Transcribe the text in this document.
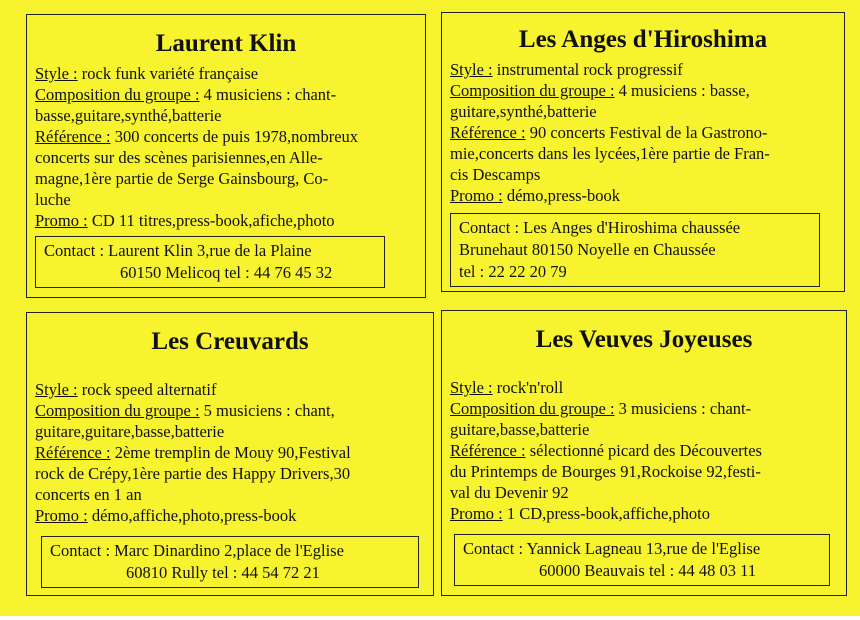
Laurent Klin

Style : rock funk variété française

Composition du groupe : 4 musiciens : chant-

basse,guitare,synthé,batterie

Référence : 300 concerts de puis 1978,nombreux

concerts sur des scènes parisiennes,en Alle-

magne,1ère partie de Serge Gainsbourg, Co-

luche

Promo : CD 11 titres,press-book,afiche,photo

Contact : Laurent Klin 3,rue de la Plaine
60150 Melicoq tel : 44 76 45 32

Les Anges d'Hiroshima

Style : instrumental rock progressif

Composition du groupe : 4 musiciens : basse,

guitare,synthé,batterie

Référence : 90 concerts Festival de la Gastrono-

mie,concerts dans les lycées,1ère partie de Fran-

cis Descamps

Promo : démo,press-book

Contact : Les Anges d'Hiroshima chaussée
Brunehaut 80150 Noyelle en Chaussée
tel : 22 22 20 79

Les Creuvards

Style : rock speed alternatif

Composition du groupe : 5 musiciens : chant,

guitare,guitare,basse,batterie

Référence : 2ème tremplin de Mouy 90,Festival

rock de Crépy,1ère partie des Happy Drivers,30

concerts en 1 an

Promo : démo,affiche,photo,press-book

Contact : Marc Dinardino 2,place de l'Eglise
60810 Rully tel : 44 54 72 21

Les Veuves Joyeuses

Style : rock'n'roll

Composition du groupe : 3 musiciens : chant-

guitare,basse,batterie

Référence : sélectionné picard des Découvertes

du Printemps de Bourges 91,Rockoise 92,festi-

val du Devenir 92

Promo : 1 CD,press-book,affiche,photo

Contact : Yannick Lagneau 13,rue de l'Eglise
60000 Beauvais tel : 44 48 03 11
